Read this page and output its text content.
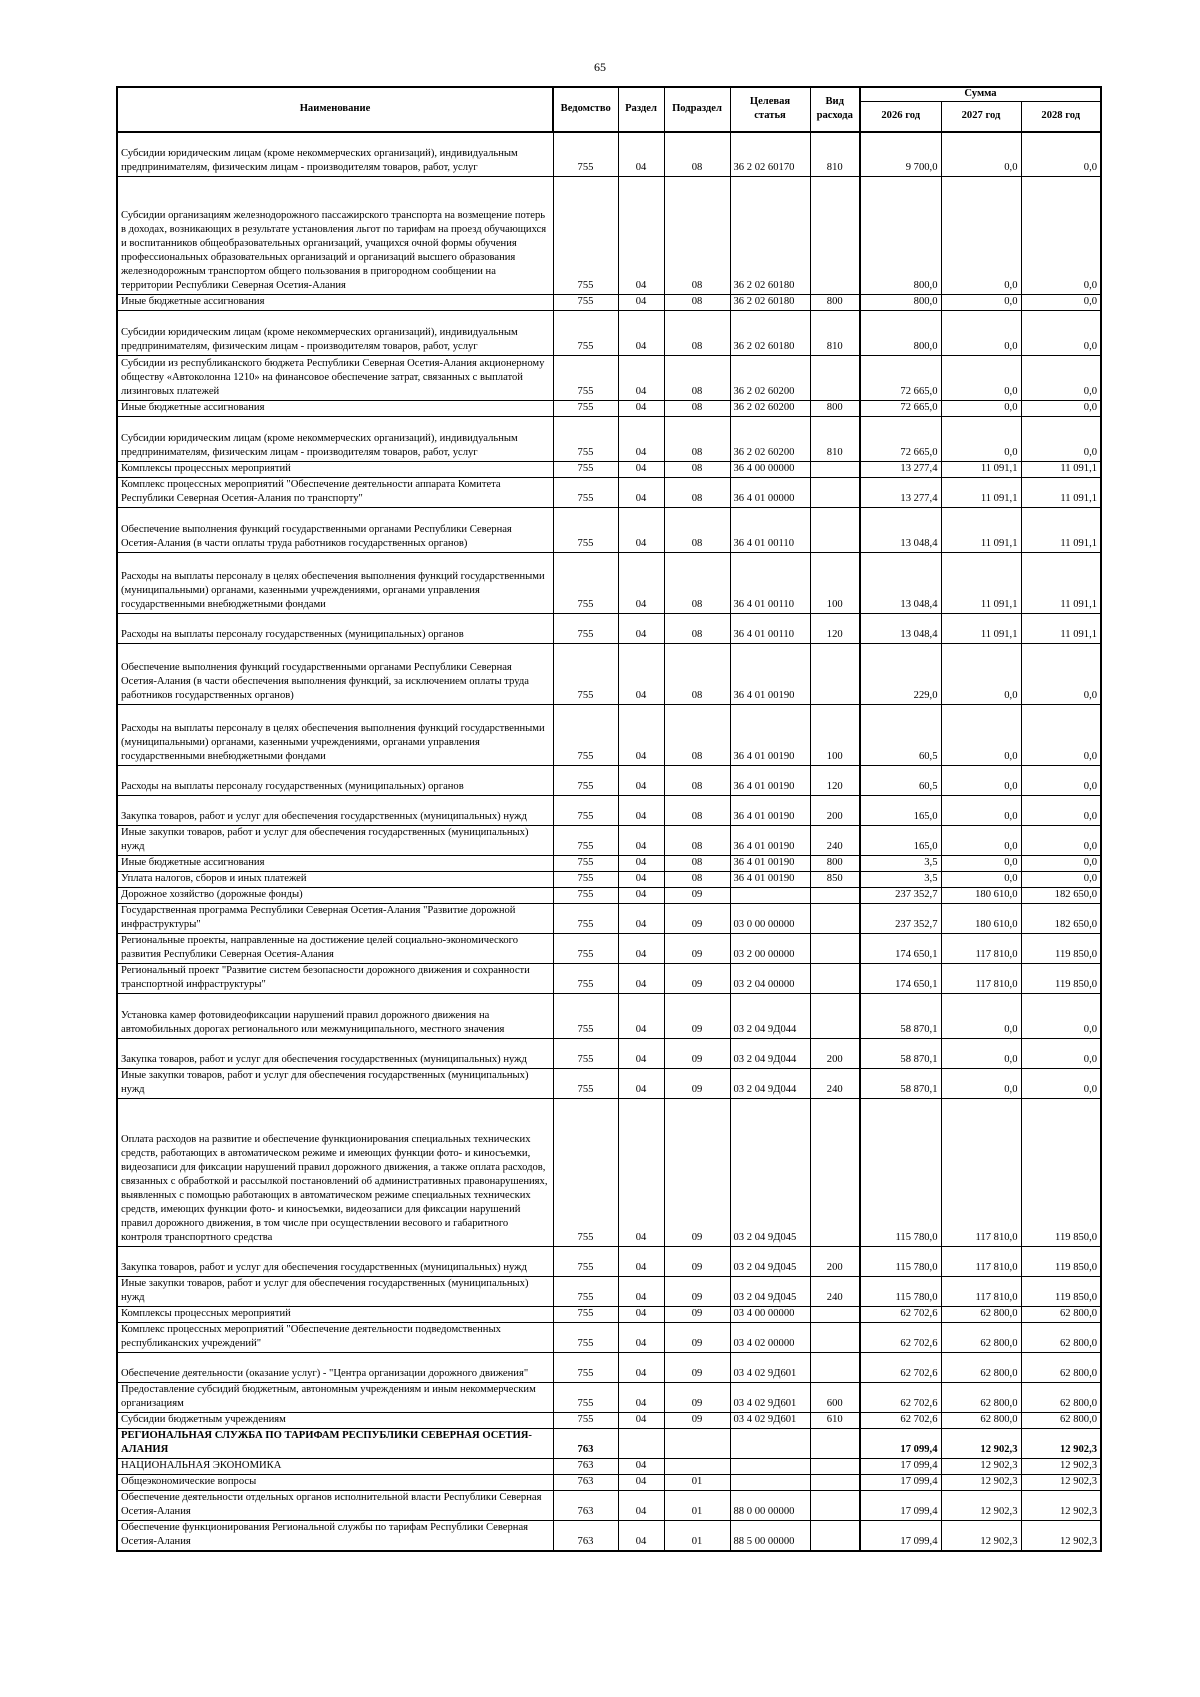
65
Наименование	Ведомство	Раздел	Подраздел	Целевая статья	Вид расхода	Сумма		
						2026 год	2027 год	2028 год
Субсидии юридическим лицам (кроме некоммерческих организаций), индивидуальным предпринимателям, физическим лицам - производителям товаров, работ, услуг	755	04	08	36 2 02 60170	810	9 700,0	0,0	0,0
Субсидии организациям железнодорожного пассажирского транспорта на возмещение потерь в доходах, возникающих в результате установления льгот по тарифам на проезд обучающихся и воспитанников общеобразовательных организаций, учащихся очной формы обучения профессиональных образовательных организаций и организаций высшего образования железнодорожным транспортом общего пользования в пригородном сообщении на территории Республики Северная Осетия-Алания	755	04	08	36 2 02 60180		800,0	0,0	0,0
Иные бюджетные ассигнования	755	04	08	36 2 02 60180	800	800,0	0,0	0,0
Субсидии юридическим лицам (кроме некоммерческих организаций), индивидуальным предпринимателям, физическим лицам - производителям товаров, работ, услуг	755	04	08	36 2 02 60180	810	800,0	0,0	0,0
Субсидии из республиканского бюджета Республики Северная Осетия-Алания акционерному обществу «Автоколонна 1210» на финансовое обеспечение затрат, связанных с выплатой лизинговых платежей	755	04	08	36 2 02 60200		72 665,0	0,0	0,0
Иные бюджетные ассигнования	755	04	08	36 2 02 60200	800	72 665,0	0,0	0,0
Субсидии юридическим лицам (кроме некоммерческих организаций), индивидуальным предпринимателям, физическим лицам - производителям товаров, работ, услуг	755	04	08	36 2 02 60200	810	72 665,0	0,0	0,0
Комплексы процессных мероприятий	755	04	08	36 4 00 00000		13 277,4	11 091,1	11 091,1
Комплекс процессных мероприятий "Обеспечение деятельности аппарата Комитета Республики Северная Осетия-Алания по транспорту"	755	04	08	36 4 01 00000		13 277,4	11 091,1	11 091,1
Обеспечение выполнения функций государственными органами Республики Северная Осетия-Алания (в части оплаты труда работников государственных органов)	755	04	08	36 4 01 00110		13 048,4	11 091,1	11 091,1
Расходы на выплаты персоналу в целях обеспечения выполнения функций государственными (муниципальными) органами, казенными учреждениями, органами управления государственными внебюджетными фондами	755	04	08	36 4 01 00110	100	13 048,4	11 091,1	11 091,1
Расходы на выплаты персоналу государственных (муниципальных) органов	755	04	08	36 4 01 00110	120	13 048,4	11 091,1	11 091,1
Обеспечение выполнения функций государственными органами Республики Северная Осетия-Алания (в части обеспечения выполнения функций, за исключением оплаты труда работников государственных органов)	755	04	08	36 4 01 00190		229,0	0,0	0,0
Расходы на выплаты персоналу в целях обеспечения выполнения функций государственными (муниципальными) органами, казенными учреждениями, органами управления государственными внебюджетными фондами	755	04	08	36 4 01 00190	100	60,5	0,0	0,0
Расходы на выплаты персоналу государственных (муниципальных) органов	755	04	08	36 4 01 00190	120	60,5	0,0	0,0
Закупка товаров, работ и услуг для обеспечения государственных (муниципальных) нужд	755	04	08	36 4 01 00190	200	165,0	0,0	0,0
Иные закупки товаров, работ и услуг для обеспечения государственных (муниципальных) нужд	755	04	08	36 4 01 00190	240	165,0	0,0	0,0
Иные бюджетные ассигнования	755	04	08	36 4 01 00190	800	3,5	0,0	0,0
Уплата налогов, сборов и иных платежей	755	04	08	36 4 01 00190	850	3,5	0,0	0,0
Дорожное хозяйство (дорожные фонды)	755	04	09			237 352,7	180 610,0	182 650,0
Государственная программа Республики Северная Осетия-Алания "Развитие дорожной инфраструктуры"	755	04	09	03 0 00 00000		237 352,7	180 610,0	182 650,0
Региональные проекты, направленные на достижение целей социально-экономического развития Республики Северная Осетия-Алания	755	04	09	03 2 00 00000		174 650,1	117 810,0	119 850,0
Региональный проект "Развитие систем безопасности дорожного движения и сохранности транспортной инфраструктуры"	755	04	09	03 2 04 00000		174 650,1	117 810,0	119 850,0
Установка камер фотовидеофиксации нарушений правил дорожного движения на автомобильных дорогах регионального или межмуниципального, местного значения	755	04	09	03 2 04 9Д044		58 870,1	0,0	0,0
Закупка товаров, работ и услуг для обеспечения государственных (муниципальных) нужд	755	04	09	03 2 04 9Д044	200	58 870,1	0,0	0,0
Иные закупки товаров, работ и услуг для обеспечения государственных (муниципальных) нужд	755	04	09	03 2 04 9Д044	240	58 870,1	0,0	0,0
Оплата расходов на развитие и обеспечение функционирования специальных технических средств, работающих в автоматическом режиме и имеющих функции фото- и киносъемки, видеозаписи для фиксации нарушений правил дорожного движения, а также оплата расходов, связанных с обработкой и рассылкой постановлений об административных правонарушениях, выявленных с помощью работающих в автоматическом режиме специальных технических средств, имеющих функции фото- и киносъемки, видеозаписи для фиксации нарушений правил дорожного движения, в том числе при осуществлении весового и габаритного контроля транспортного средства	755	04	09	03 2 04 9Д045		115 780,0	117 810,0	119 850,0
Закупка товаров, работ и услуг для обеспечения государственных (муниципальных) нужд	755	04	09	03 2 04 9Д045	200	115 780,0	117 810,0	119 850,0
Иные закупки товаров, работ и услуг для обеспечения государственных (муниципальных) нужд	755	04	09	03 2 04 9Д045	240	115 780,0	117 810,0	119 850,0
Комплексы процессных мероприятий	755	04	09	03 4 00 00000		62 702,6	62 800,0	62 800,0
Комплекс процессных мероприятий "Обеспечение деятельности подведомственных республиканских учреждений"	755	04	09	03 4 02 00000		62 702,6	62 800,0	62 800,0
Обеспечение деятельности (оказание услуг) - "Центра организации дорожного движения"	755	04	09	03 4 02 9Д601		62 702,6	62 800,0	62 800,0
Предоставление субсидий бюджетным, автономным учреждениям и иным некоммерческим организациям	755	04	09	03 4 02 9Д601	600	62 702,6	62 800,0	62 800,0
Субсидии бюджетным учреждениям	755	04	09	03 4 02 9Д601	610	62 702,6	62 800,0	62 800,0
РЕГИОНАЛЬНАЯ СЛУЖБА ПО ТАРИФАМ РЕСПУБЛИКИ СЕВЕРНАЯ ОСЕТИЯ-АЛАНИЯ	763					17 099,4	12 902,3	12 902,3
НАЦИОНАЛЬНАЯ ЭКОНОМИКА	763	04				17 099,4	12 902,3	12 902,3
Общеэкономические вопросы	763	04	01			17 099,4	12 902,3	12 902,3
Обеспечение деятельности отдельных органов исполнительной власти Республики Северная Осетия-Алания	763	04	01	88 0 00 00000		17 099,4	12 902,3	12 902,3
Обеспечение функционирования Региональной службы по тарифам Республики Северная Осетия-Алания	763	04	01	88 5 00 00000		17 099,4	12 902,3	12 902,3
